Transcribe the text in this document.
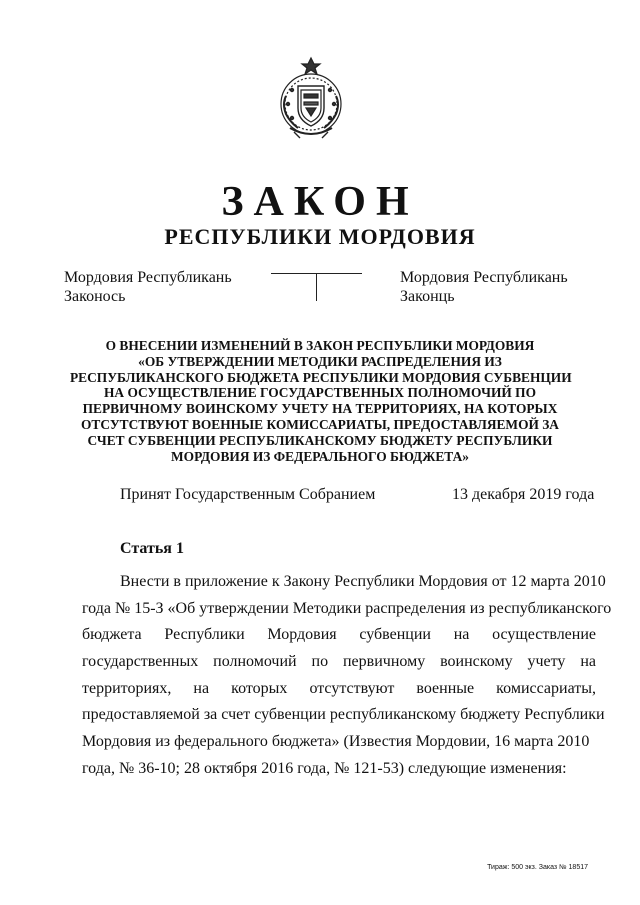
ЗАКОН
РЕСПУБЛИКИ МОРДОВИЯ
Мордовия Республикань
Законось
Мордовия Республикань
Законць
О ВНЕСЕНИИ ИЗМЕНЕНИЙ В ЗАКОН РЕСПУБЛИКИ МОРДОВИЯ
«ОБ УТВЕРЖДЕНИИ МЕТОДИКИ РАСПРЕДЕЛЕНИЯ ИЗ
РЕСПУБЛИКАНСКОГО БЮДЖЕТА РЕСПУБЛИКИ МОРДОВИЯ СУБВЕНЦИИ
НА ОСУЩЕСТВЛЕНИЕ ГОСУДАРСТВЕННЫХ ПОЛНОМОЧИЙ ПО
ПЕРВИЧНОМУ ВОИНСКОМУ УЧЕТУ НА ТЕРРИТОРИЯХ, НА КОТОРЫХ
ОТСУТСТВУЮТ ВОЕННЫЕ КОМИССАРИАТЫ, ПРЕДОСТАВЛЯЕМОЙ ЗА
СЧЕТ СУБВЕНЦИИ РЕСПУБЛИКАНСКОМУ БЮДЖЕТУ РЕСПУБЛИКИ
МОРДОВИЯ ИЗ ФЕДЕРАЛЬНОГО БЮДЖЕТА»
Принят Государственным Собранием	13 декабря 2019 года
Статья 1
Внести в приложение к Закону Республики Мордовия от 12 марта 2010
года № 15-З «Об утверждении Методики распределения из республиканского
бюджета Республики Мордовия субвенции на осуществление
государственных полномочий по первичному воинскому учету на
территориях, на которых отсутствуют военные комиссариаты,
предоставляемой за счет субвенции республиканскому бюджету Республики
Мордовия из федерального бюджета» (Известия Мордовии, 16 марта 2010
года, № 36-10; 28 октября 2016 года, № 121-53) следующие изменения:
Тираж: 500 экз. Заказ № 18517
